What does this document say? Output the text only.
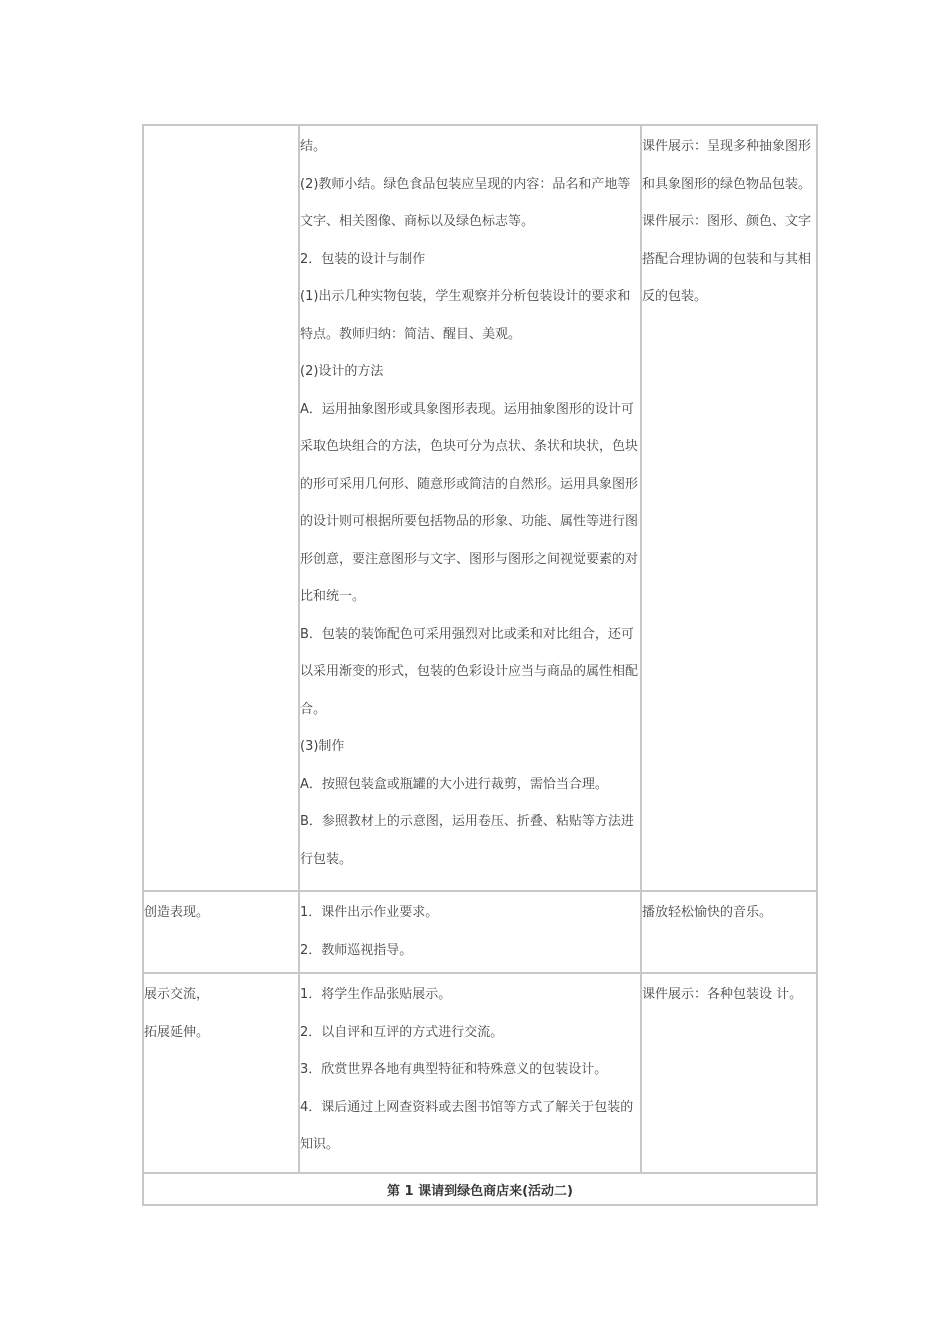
结。

(2)教师小结。绿色食品包装应呈现的内容：品名和产地等文字、相关图像、商标以及绿色标志等。

2．包装的设计与制作

(1)出示几种实物包装，学生观察并分析包装设计的要求和特点。教师归纳：简洁、醒目、美观。

(2)设计的方法

A．运用抽象图形或具象图形表现。运用抽象图形的设计可采取色块组合的方法，色块可分为点状、条状和块状，色块的形可采用几何形、随意形或简洁的自然形。运用具象图形的设计则可根据所要包括物品的形象、功能、属性等进行图形创意，要注意图形与文字、图形与图形之间视觉要素的对比和统一。

B．包装的装饰配色可采用强烈对比或柔和对比组合，还可以采用渐变的形式，包装的色彩设计应当与商品的属性相配合。

(3)制作

A．按照包装盒或瓶罐的大小进行裁剪，需恰当合理。

B．参照教材上的示意图，运用卷压、折叠、粘贴等方法进行包装。

课件展示：呈现多种抽象图形和具象图形的绿色物品包装。

课件展示：图形、颜色、文字搭配合理协调的包装和与其相反的包装。

创造表现。	1．课件出示作业要求。

2．教师巡视指导。

播放轻松愉快的音乐。

展示交流，

拓展延伸。

1．将学生作品张贴展示。

2．以自评和互评的方式进行交流。

3．欣赏世界各地有典型特征和特殊意义的包装设计。

4．课后通过上网查资料或去图书馆等方式了解关于包装的知识。

课件展示：各种包装设 计。

第 1 课请到绿色商店来(活动二)
